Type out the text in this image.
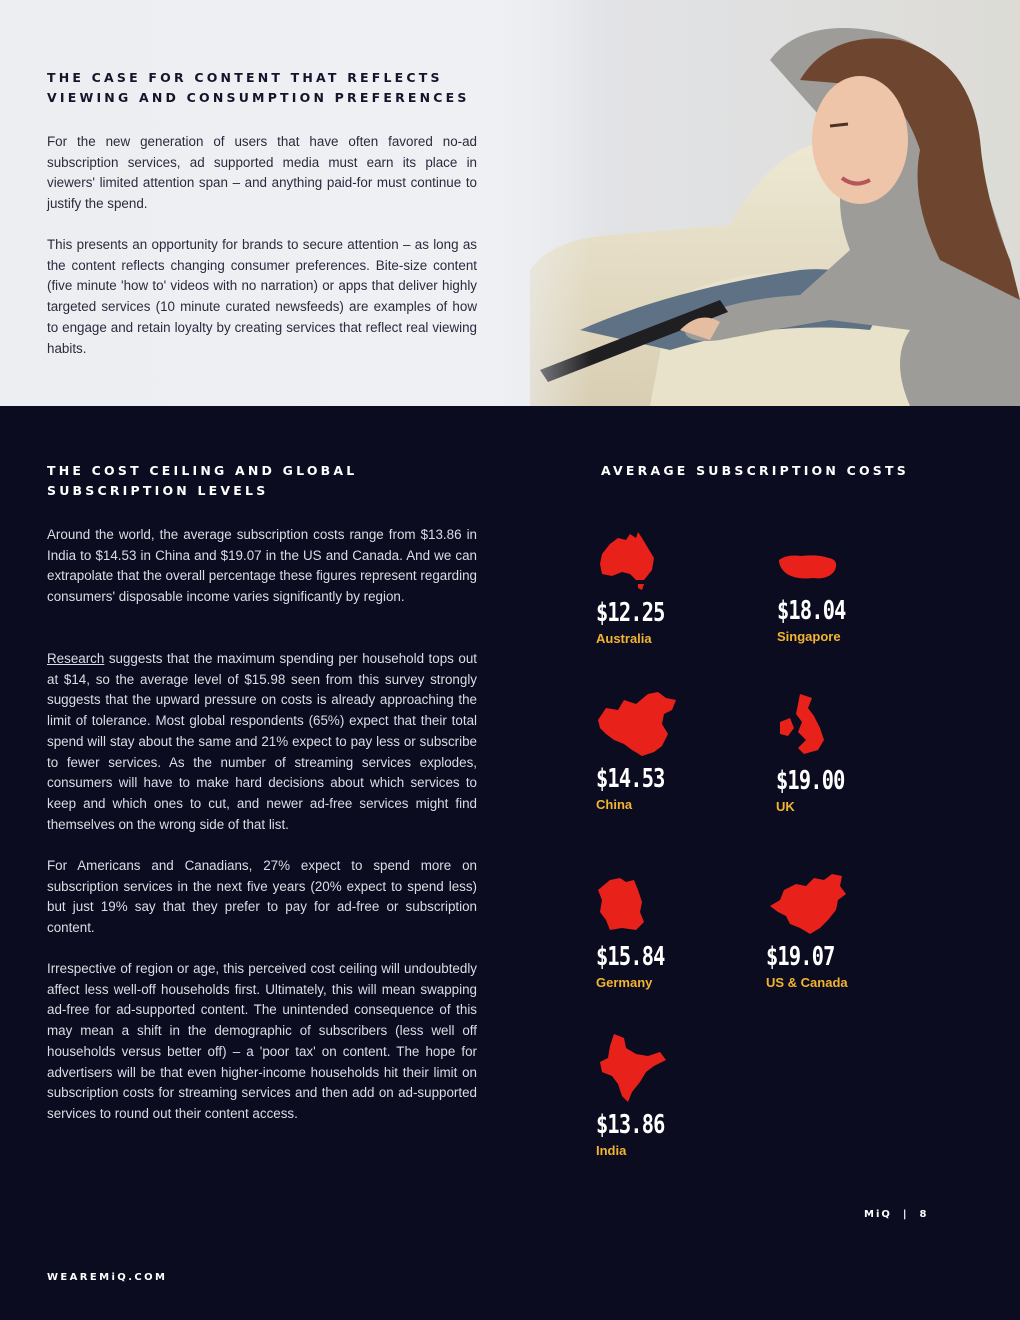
THE CASE FOR CONTENT THAT REFLECTS
VIEWING AND CONSUMPTION PREFERENCES

For the new generation of users that have often favored no-ad subscription services, ad supported media must earn its place in viewers' limited attention span – and anything paid-for must continue to justify the spend.

This presents an opportunity for brands to secure attention – as long as the content reflects changing consumer preferences. Bite-size content (five minute 'how to' videos with no narration) or apps that deliver highly targeted services (10 minute curated newsfeeds) are examples of how to engage and retain loyalty by creating services that reflect real viewing habits.

THE COST CEILING AND GLOBAL
SUBSCRIPTION LEVELS

Around the world, the average subscription costs range from $13.86 in India to $14.53 in China and $19.07 in the US and Canada. And we can extrapolate that the overall percentage these figures represent regarding consumers' disposable income varies significantly by region.

Research suggests that the maximum spending per household tops out at $14, so the average level of $15.98 seen from this survey strongly suggests that the upward pressure on costs is already approaching the limit of tolerance. Most global respondents (65%) expect that their total spend will stay about the same and 21% expect to pay less or subscribe to fewer services. As the number of streaming services explodes, consumers will have to make hard decisions about which services to keep and which ones to cut, and newer ad-free services might find themselves on the wrong side of that list.

For Americans and Canadians, 27% expect to spend more on subscription services in the next five years (20% expect to spend less) but just 19% say that they prefer to pay for ad-free or subscription content.

Irrespective of region or age, this perceived cost ceiling will undoubtedly affect less well-off households first. Ultimately, this will mean swapping ad-free for ad-supported content. The unintended consequence of this may mean a shift in the demographic of subscribers (less well off households versus better off) – a 'poor tax' on content. The hope for advertisers will be that even higher-income households hit their limit on subscription costs for streaming services and then add on ad-supported services to round out their content access.

AVERAGE SUBSCRIPTION COSTS
$12.25
Australia
$18.04
Singapore
$14.53
China
$19.00
UK
$15.84
Germany
$19.07
US & Canada
$13.86
India
MiQ  |  8
WEAREMiQ.COM
